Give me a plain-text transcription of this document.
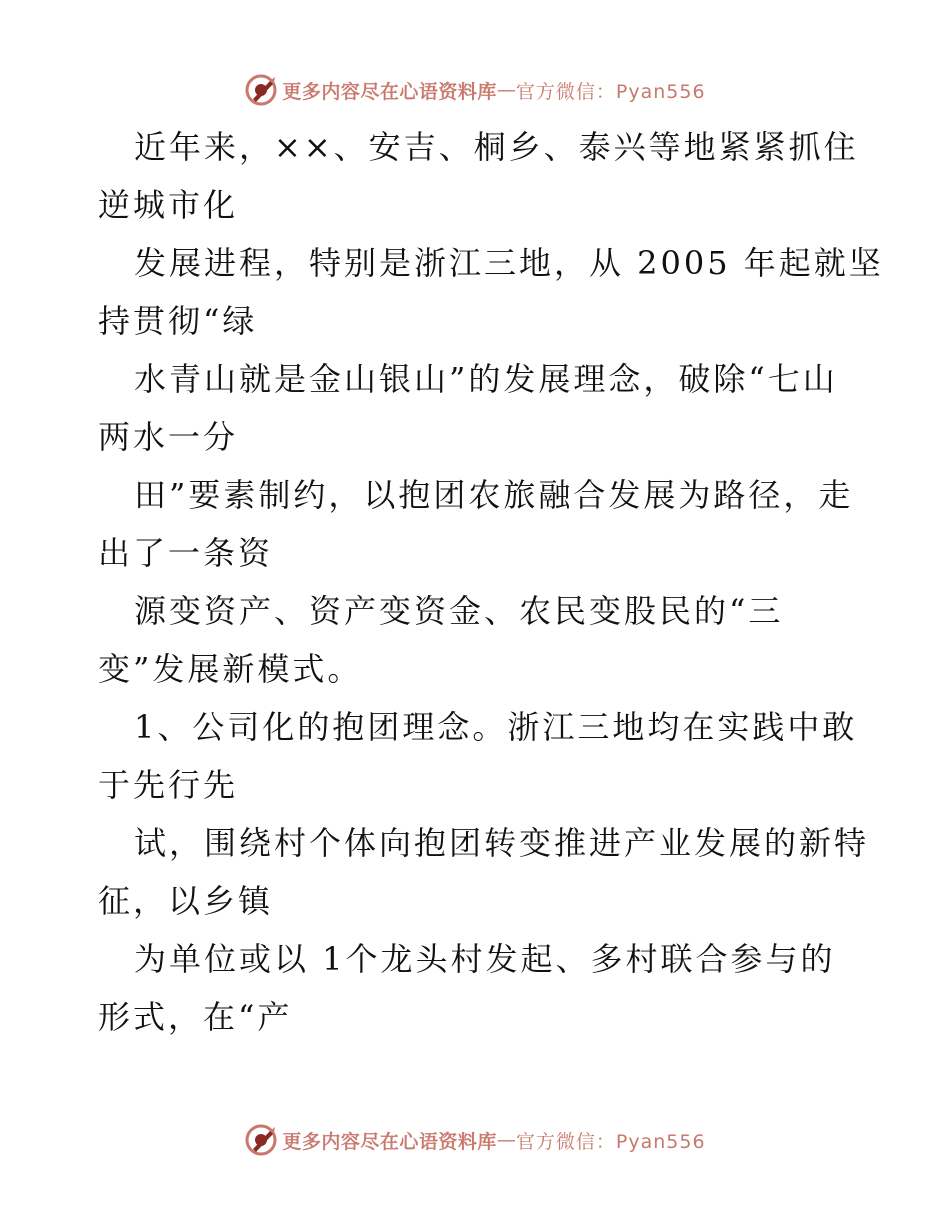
更多内容尽在心语资料库 — 官方微信：Pyan556

近年来，××、安吉、桐乡、泰兴等地紧紧抓住
逆城市化

发展进程，特别是浙江三地，从 2005 年起就坚
持贯彻“绿

水青山就是金山银山”的发展理念，破除“七山
两水一分

田”要素制约，以抱团农旅融合发展为路径，走
出了一条资

源变资产、资产变资金、农民变股民的“三
变”发展新模式。

1、公司化的抱团理念。浙江三地均在实践中敢
于先行先

试，围绕村个体向抱团转变推进产业发展的新特
征，以乡镇

为单位或以 1个龙头村发起、多村联合参与的
形式，在“产

更多内容尽在心语资料库 — 官方微信：Pyan556
